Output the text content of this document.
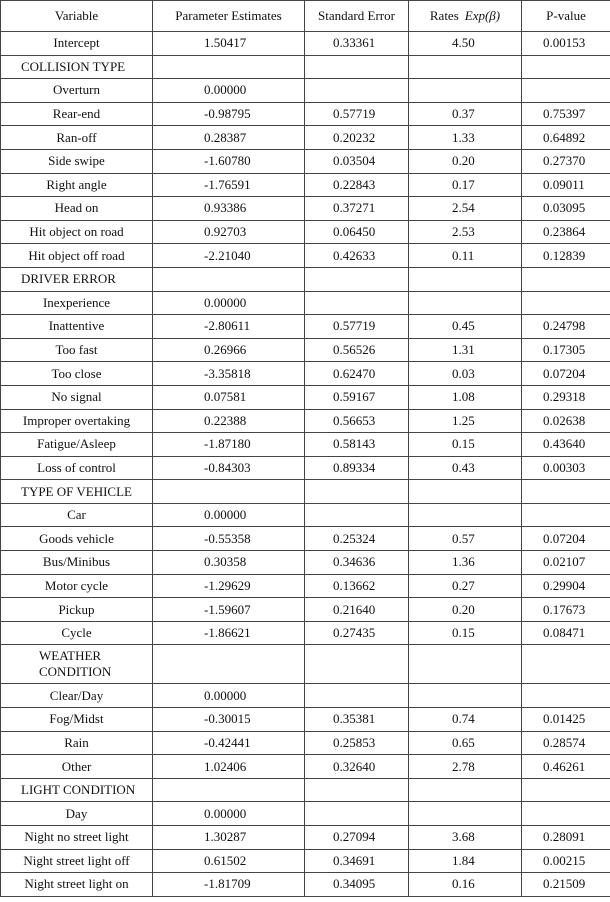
Variable	Parameter Estimates	Standard Error	Rates Exp(β)	P-value
Intercept	1.50417	0.33361	4.50	0.00153
COLLISION TYPE				
Overturn	0.00000			
Rear-end	-0.98795	0.57719	0.37	0.75397
Ran-off	0.28387	0.20232	1.33	0.64892
Side swipe	-1.60780	0.03504	0.20	0.27370
Right angle	-1.76591	0.22843	0.17	0.09011
Head on	0.93386	0.37271	2.54	0.03095
Hit object on road	0.92703	0.06450	2.53	0.23864
Hit object off road	-2.21040	0.42633	0.11	0.12839
DRIVER ERROR				
Inexperience	0.00000			
Inattentive	-2.80611	0.57719	0.45	0.24798
Too fast	0.26966	0.56526	1.31	0.17305
Too close	-3.35818	0.62470	0.03	0.07204
No signal	0.07581	0.59167	1.08	0.29318
Improper overtaking	0.22388	0.56653	1.25	0.02638
Fatigue/Asleep	-1.87180	0.58143	0.15	0.43640
Loss of control	-0.84303	0.89334	0.43	0.00303
TYPE OF VEHICLE				
Car	0.00000			
Goods vehicle	-0.55358	0.25324	0.57	0.07204
Bus/Minibus	0.30358	0.34636	1.36	0.02107
Motor cycle	-1.29629	0.13662	0.27	0.29904
Pickup	-1.59607	0.21640	0.20	0.17673
Cycle	-1.86621	0.27435	0.15	0.08471
WEATHER CONDITION				
Clear/Day	0.00000			
Fog/Midst	-0.30015	0.35381	0.74	0.01425
Rain	-0.42441	0.25853	0.65	0.28574
Other	1.02406	0.32640	2.78	0.46261
LIGHT CONDITION				
Day	0.00000			
Night no street light	1.30287	0.27094	3.68	0.28091
Night street light off	0.61502	0.34691	1.84	0.00215
Night street light on	-1.81709	0.34095	0.16	0.21509
